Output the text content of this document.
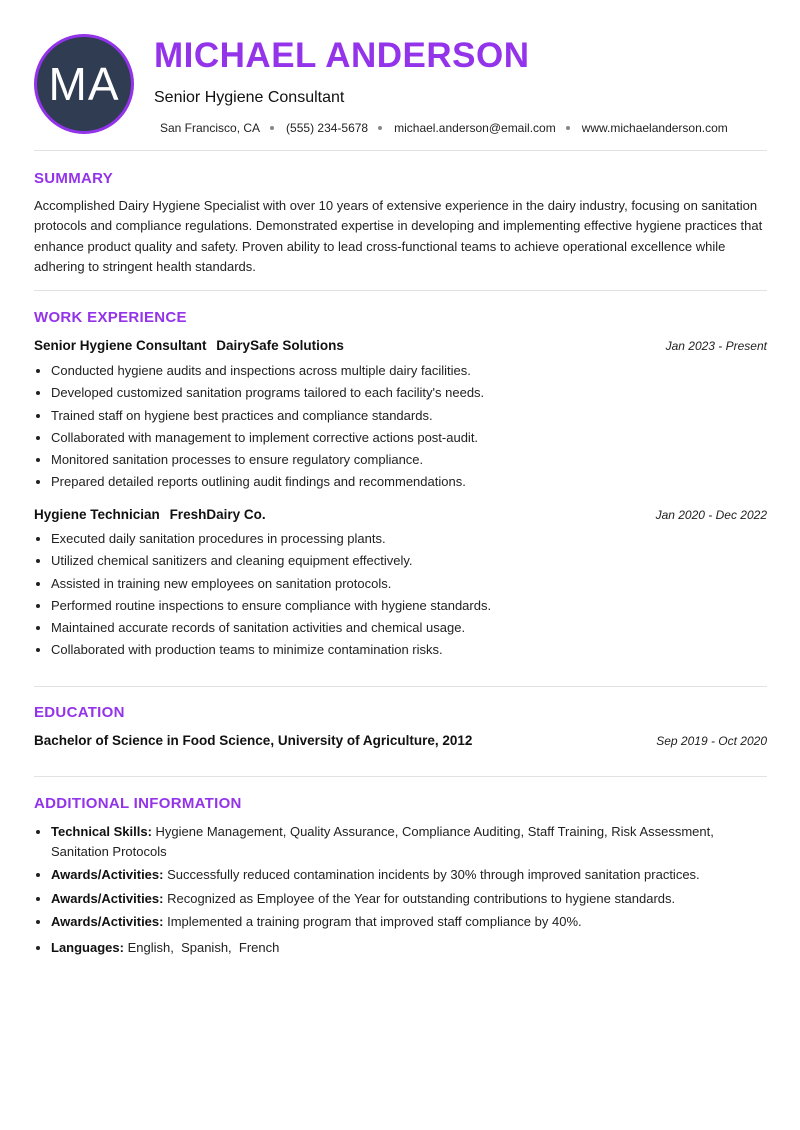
MA
MICHAEL ANDERSON
Senior Hygiene Consultant
San Francisco, CA (555) 234-5678 michael.anderson@email.com www.michaelanderson.com
SUMMARY
Accomplished Dairy Hygiene Specialist with over 10 years of extensive experience in the dairy industry, focusing on sanitation protocols and compliance regulations. Demonstrated expertise in developing and implementing effective hygiene practices that enhance product quality and safety. Proven ability to lead cross-functional teams to achieve operational excellence while adhering to stringent health standards.
WORK EXPERIENCE
Senior Hygiene Consultant DairySafe Solutions	Jan 2023 - Present
• Conducted hygiene audits and inspections across multiple dairy facilities.
• Developed customized sanitation programs tailored to each facility's needs.
• Trained staff on hygiene best practices and compliance standards.
• Collaborated with management to implement corrective actions post-audit.
• Monitored sanitation processes to ensure regulatory compliance.
• Prepared detailed reports outlining audit findings and recommendations.
Hygiene Technician FreshDairy Co.	Jan 2020 - Dec 2022
• Executed daily sanitation procedures in processing plants.
• Utilized chemical sanitizers and cleaning equipment effectively.
• Assisted in training new employees on sanitation protocols.
• Performed routine inspections to ensure compliance with hygiene standards.
• Maintained accurate records of sanitation activities and chemical usage.
• Collaborated with production teams to minimize contamination risks.
EDUCATION
Bachelor of Science in Food Science, University of Agriculture, 2012	Sep 2019 - Oct 2020
ADDITIONAL INFORMATION
• Technical Skills: Hygiene Management, Quality Assurance, Compliance Auditing, Staff Training, Risk Assessment, Sanitation Protocols
• Awards/Activities: Successfully reduced contamination incidents by 30% through improved sanitation practices.
• Awards/Activities: Recognized as Employee of the Year for outstanding contributions to hygiene standards.
• Awards/Activities: Implemented a training program that improved staff compliance by 40%.
• Languages: English,  Spanish,  French
